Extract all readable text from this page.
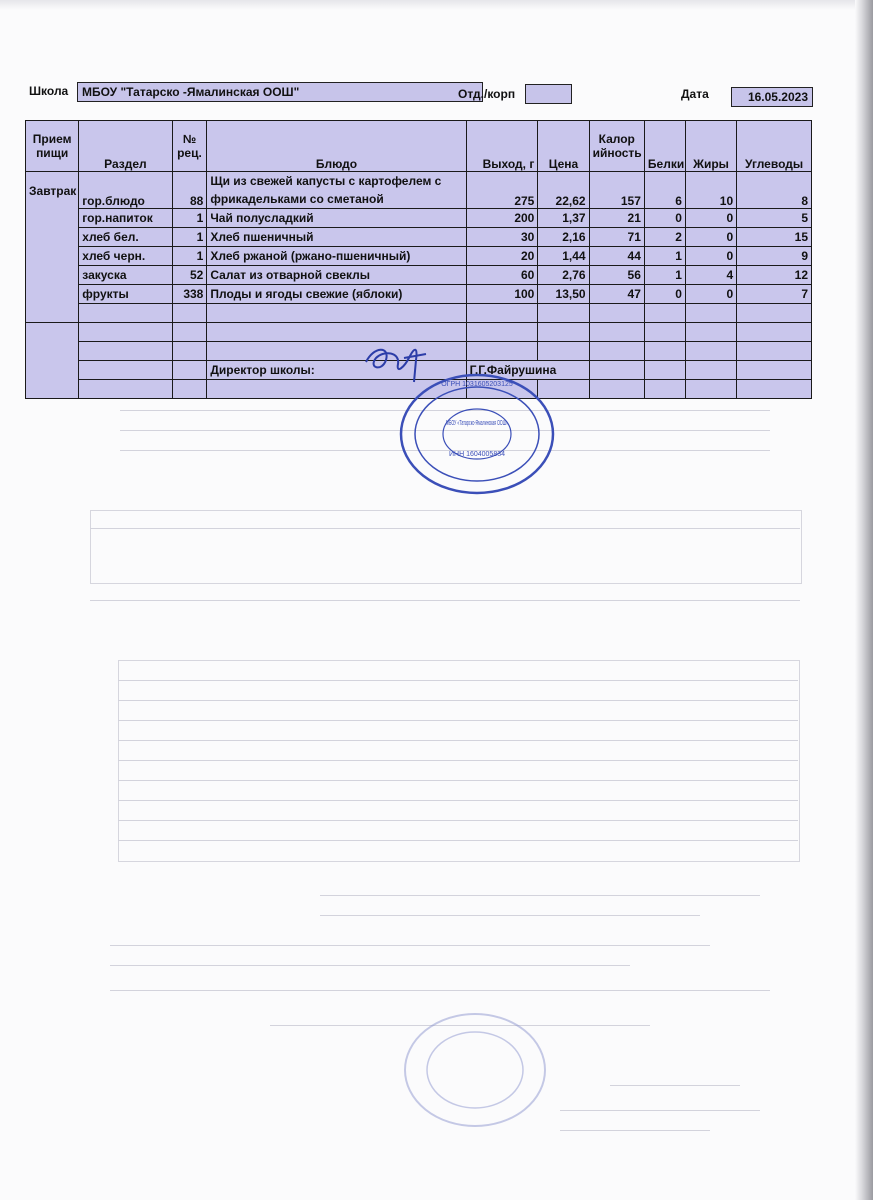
Школа	МБОУ "Татарско -Ямалинская ООШ"	Отд./корп	Дата	16.05.2023
Прием пищи	Раздел	№ рец.	Блюдо	Выход, г	Цена	Калор ийность	Белки	Жиры	Углеводы
Завтрак	гор.блюдо	88	Щи из свежей капусты с картофелем с
фрикадельками со сметаной	275	22,62	157	6	10	8
	гор.напиток	1	Чай полусладкий	200	1,37	21	0	0	5
	хлеб бел.	1	Хлеб пшеничный	30	2,16	71	2	0	15
	хлеб черн.	1	Хлеб ржаной (ржано-пшеничный)	20	1,44	44	1	0	9
	закуска	52	Салат из отварной свеклы	60	2,76	56	1	4	12
	фрукты	338	Плоды и ягоды свежие (яблоки)	100	13,50	47	0	0	7

			Директор школы:	Г.Г.Файрушина					

МБОУ «Татарско-Ямалинская ООШ»
ИНН 1604005834
ОГРН 1031605203125
